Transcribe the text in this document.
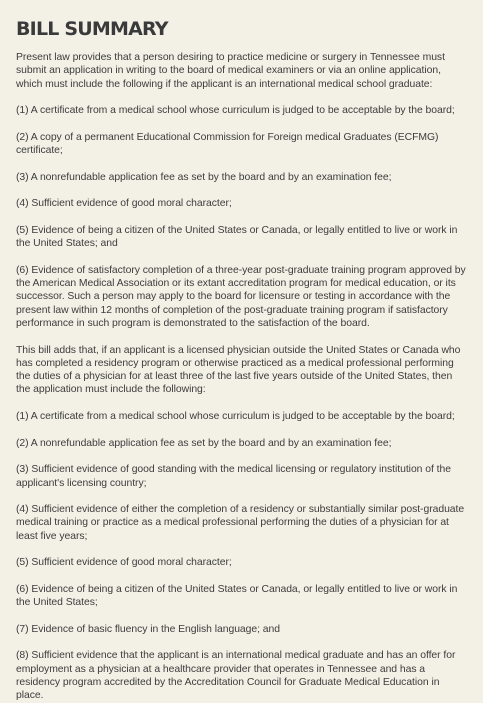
BILL SUMMARY

Present law provides that a person desiring to practice medicine or surgery in Tennessee must submit an application in writing to the board of medical examiners or via an online application, which must include the following if the applicant is an international medical school graduate:

(1) A certificate from a medical school whose curriculum is judged to be acceptable by the board;

(2) A copy of a permanent Educational Commission for Foreign medical Graduates (ECFMG) certificate;

(3) A nonrefundable application fee as set by the board and by an examination fee;

(4) Sufficient evidence of good moral character;

(5) Evidence of being a citizen of the United States or Canada, or legally entitled to live or work in the United States; and

(6) Evidence of satisfactory completion of a three-year post-graduate training program approved by the American Medical Association or its extant accreditation program for medical education, or its successor. Such a person may apply to the board for licensure or testing in accordance with the present law within 12 months of completion of the post-graduate training program if satisfactory performance in such program is demonstrated to the satisfaction of the board.

This bill adds that, if an applicant is a licensed physician outside the United States or Canada who has completed a residency program or otherwise practiced as a medical professional performing the duties of a physician for at least three of the last five years outside of the United States, then the application must include the following:

(1) A certificate from a medical school whose curriculum is judged to be acceptable by the board;

(2) A nonrefundable application fee as set by the board and by an examination fee;

(3) Sufficient evidence of good standing with the medical licensing or regulatory institution of the applicant's licensing country;

(4) Sufficient evidence of either the completion of a residency or substantially similar post-graduate medical training or practice as a medical professional performing the duties of a physician for at least five years;

(5) Sufficient evidence of good moral character;

(6) Evidence of being a citizen of the United States or Canada, or legally entitled to live or work in the United States;

(7) Evidence of basic fluency in the English language; and

(8) Sufficient evidence that the applicant is an international medical graduate and has an offer for employment as a physician at a healthcare provider that operates in Tennessee and has a residency program accredited by the Accreditation Council for Graduate Medical Education in place.
